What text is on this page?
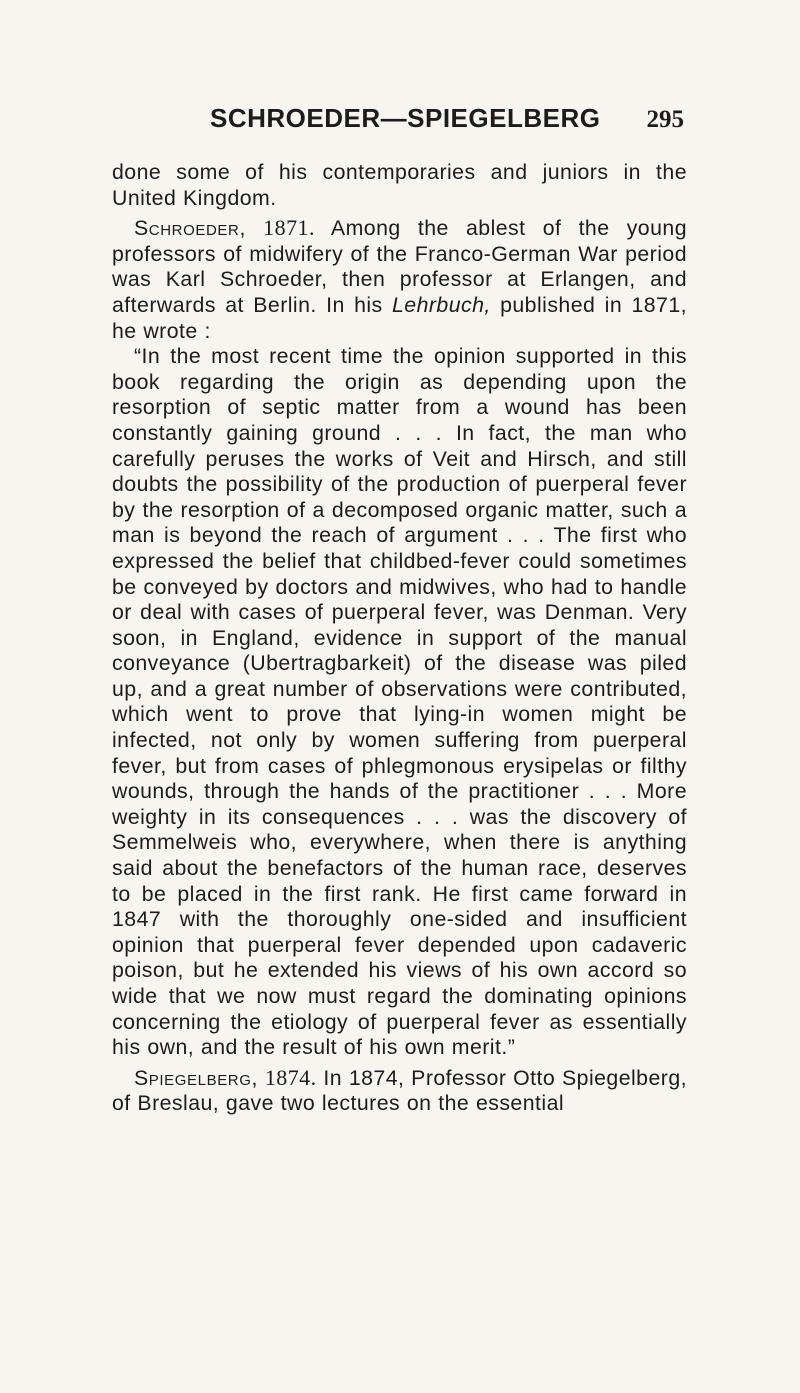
SCHROEDER—SPIEGELBERG 295

done some of his contemporaries and juniors in the United Kingdom.

Schroeder, 1871. Among the ablest of the young professors of midwifery of the Franco-German War period was Karl Schroeder, then professor at Erlangen, and afterwards at Berlin. In his Lehrbuch, published in 1871, he wrote :

“In the most recent time the opinion supported in this book regarding the origin as depending upon the resorption of septic matter from a wound has been constantly gaining ground . . . In fact, the man who carefully peruses the works of Veit and Hirsch, and still doubts the possibility of the production of puerperal fever by the resorption of a decomposed organic matter, such a man is beyond the reach of argument . . . The first who expressed the belief that childbed-fever could sometimes be conveyed by doctors and midwives, who had to handle or deal with cases of puerperal fever, was Denman. Very soon, in England, evidence in support of the manual conveyance (Ubertragbarkeit) of the disease was piled up, and a great number of observations were contributed, which went to prove that lying-in women might be infected, not only by women suffering from puerperal fever, but from cases of phlegmonous erysipelas or filthy wounds, through the hands of the practitioner . . . More weighty in its consequences . . . was the discovery of Semmelweis who, everywhere, when there is anything said about the benefactors of the human race, deserves to be placed in the first rank. He first came forward in 1847 with the thoroughly one-sided and insufficient opinion that puerperal fever depended upon cadaveric poison, but he extended his views of his own accord so wide that we now must regard the dominating opinions concerning the etiology of puerperal fever as essentially his own, and the result of his own merit.”

Spiegelberg, 1874. In 1874, Professor Otto Spiegelberg, of Breslau, gave two lectures on the essential
